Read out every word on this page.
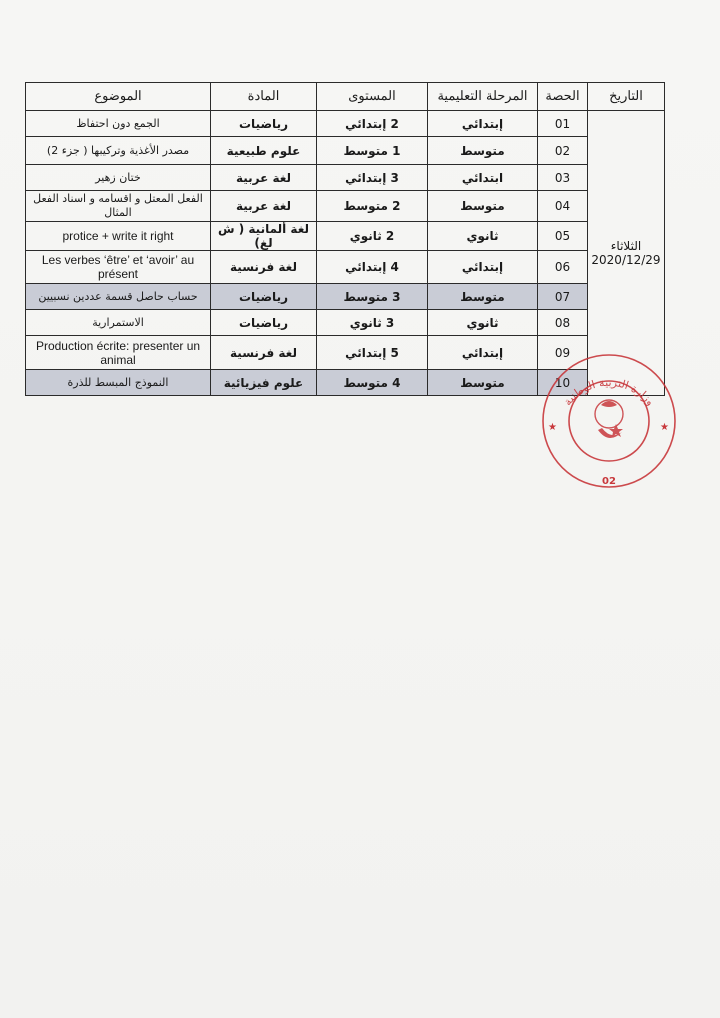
التاريخ	الحصة	المرحلة التعليمية	المستوى	المادة	الموضوع

الثلاثاء
2020/12/29	01	إبتدائي	2 إبتدائي	رياضيات	الجمع دون احتفاظ
	02	متوسط	1 متوسط	علوم طبيعية	مصدر الأغذية وتركيبها ( جزء 2)
	03	ابتدائي	3 إبتدائي	لغة عربية	ختان زهير
	04	متوسط	2 متوسط	لغة عربية	الفعل المعتل و اقسامه و اسناد الفعل المثال
	05	ثانوي	2 ثانوي	لغة ألمانية ( ش لغ)	protice + write it right
	06	إبتدائي	4 إبتدائي	لغة فرنسية	Les verbes ‘être’ et ‘avoir’ au présent
	07	متوسط	3 متوسط	رياضيات	حساب حاصل قسمة عددين نسبيين
	08	ثانوي	3 ثانوي	رياضيات	الاستمرارية
	09	إبتدائي	5 إبتدائي	لغة فرنسية	Production écrite: presenter un animal
	10	متوسط	4 متوسط	علوم فيزيائية	النموذج المبسط للذرة
وزارة التربية الوطنية
★	★
02
